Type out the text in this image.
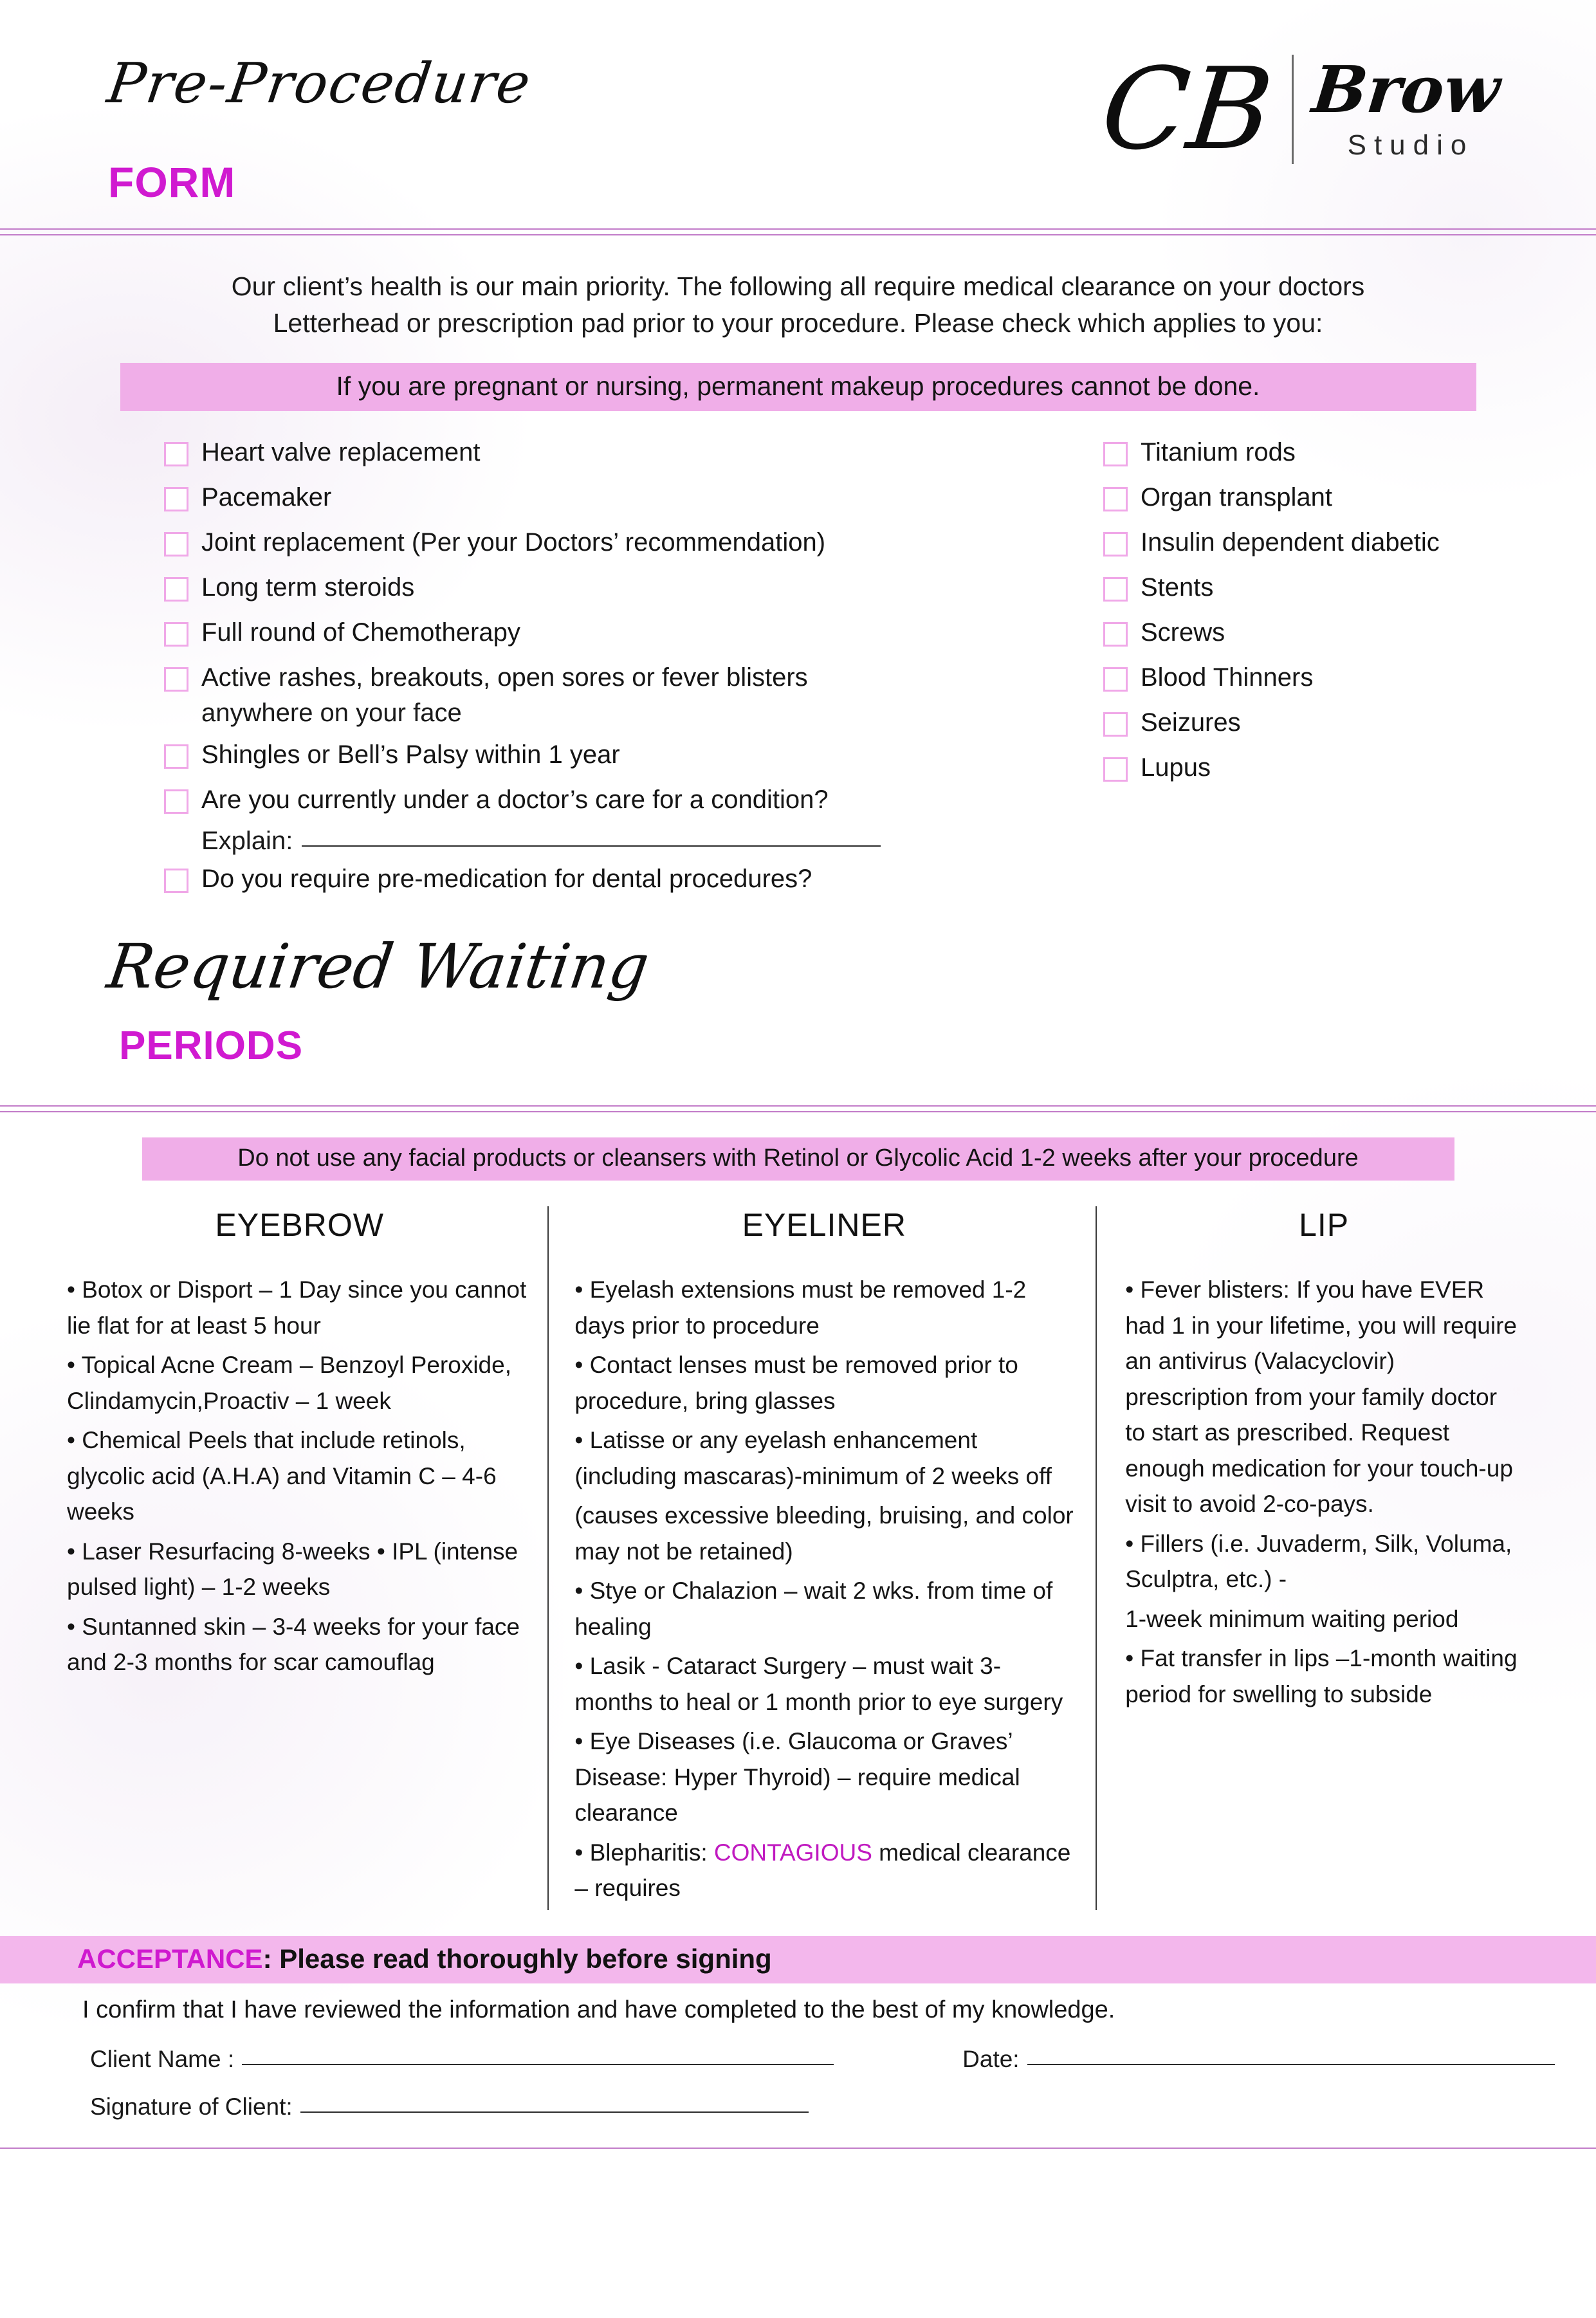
Pre-Procedure
FORM
CB Brow
Studio
Our client’s health is our main priority. The following all require medical clearance on your doctors
Letterhead or prescription pad prior to your procedure. Please check which applies to you:
If you are pregnant or nursing, permanent makeup procedures cannot be done.
Heart valve replacement
Pacemaker
Joint replacement (Per your Doctors’ recommendation)
Long term steroids
Full round of Chemotherapy
Active rashes, breakouts, open sores or fever blisters
anywhere on your face
Shingles or Bell’s Palsy within 1 year
Are you currently under a doctor’s care for a condition?
Explain:
Do you require pre-medication for dental procedures?
Titanium rods
Organ transplant
Insulin dependent diabetic
Stents
Screws
Blood Thinners
Seizures
Lupus
Required Waiting
PERIODS
Do not use any facial products or cleansers with Retinol or Glycolic Acid 1-2 weeks after your procedure
EYEBROW
• Botox or Disport – 1 Day since you cannot lie flat for at least 5 hour
• Topical Acne Cream – Benzoyl Peroxide, Clindamycin,Proactiv – 1 week
• Chemical Peels that include retinols, glycolic acid (A.H.A) and Vitamin C – 4-6 weeks
• Laser Resurfacing 8-weeks • IPL (intense pulsed light) – 1-2 weeks
• Suntanned skin – 3-4 weeks for your face and 2-3 months for scar camouflag
EYELINER
• Eyelash extensions must be removed 1-2 days prior to procedure
• Contact lenses must be removed prior to procedure, bring glasses
• Latisse or any eyelash enhancement (including mascaras)-minimum of 2 weeks off
(causes excessive bleeding, bruising, and color may not be retained)
• Stye or Chalazion – wait 2 wks. from time of healing
• Lasik - Cataract Surgery – must wait 3- months to heal or 1 month prior to eye surgery
• Eye Diseases (i.e. Glaucoma or Graves’ Disease: Hyper Thyroid) – require medical clearance
• Blepharitis: CONTAGIOUS medical clearance – requires
LIP
• Fever blisters: If you have EVER had 1 in your lifetime, you will require an antivirus (Valacyclovir) prescription from your family doctor to start as prescribed. Request enough medication for your touch-up visit to avoid 2-co-pays.
• Fillers (i.e. Juvaderm, Silk, Voluma, Sculptra, etc.) -
1-week minimum waiting period
• Fat transfer in lips –1-month waiting period for swelling to subside
ACCEPTANCE: Please read thoroughly before signing
I confirm that I have reviewed the information and have completed to the best of my knowledge.
Client Name :	Date:
Signature of Client:
